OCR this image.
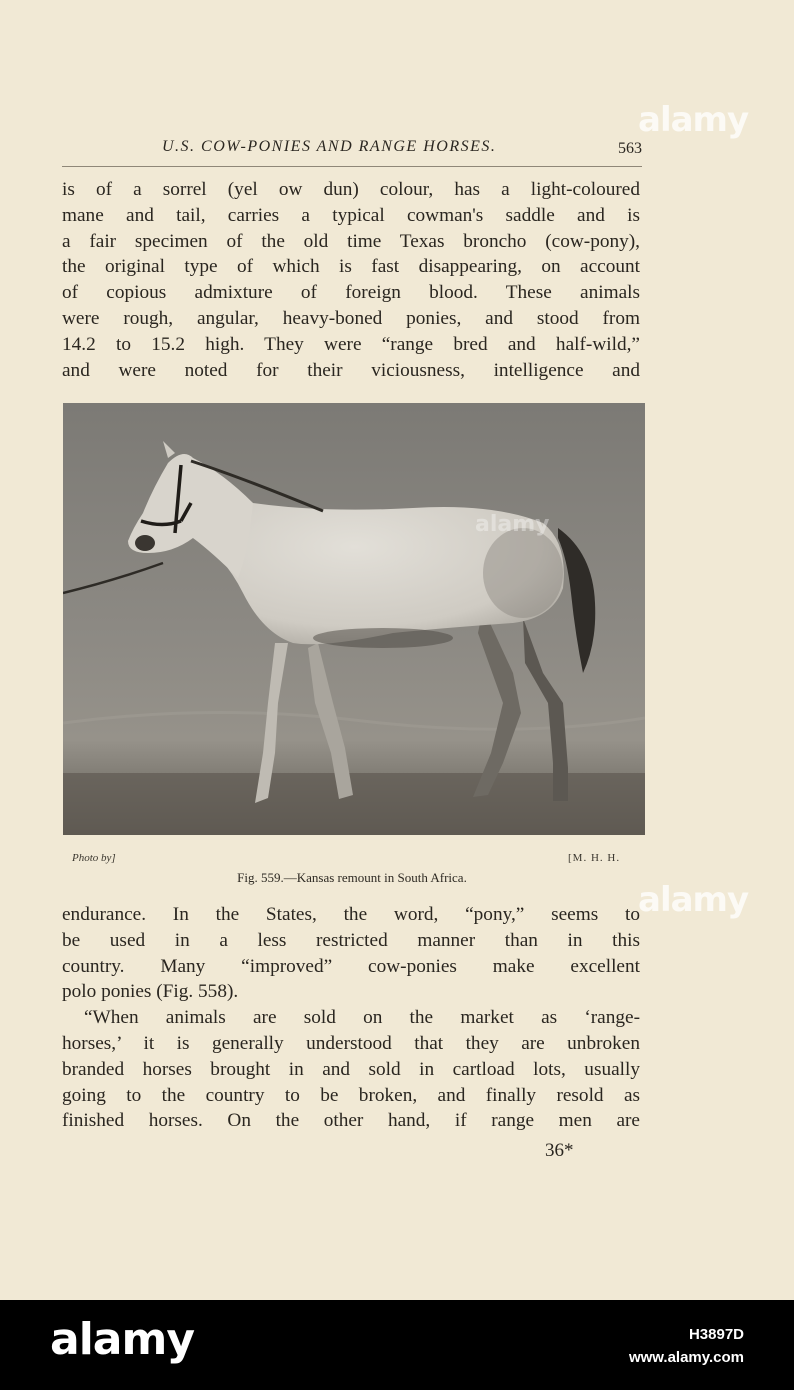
U.S. COW-PONIES AND RANGE HORSES.	563

is of a sorrel (yel ow dun) colour, has a light-coloured
mane and tail, carries a typical cowman's saddle and is
a fair specimen of the old time Texas broncho (cow-pony),
the original type of which is fast disappearing, on account
of copious admixture of foreign blood. These animals
were rough, angular, heavy-boned ponies, and stood from
14.2 to 15.2 high. They were “range bred and half-wild,”
and were noted for their viciousness, intelligence and

alamy
Photo by]	[M. H. H.
Fig. 559.—Kansas remount in South Africa.

endurance. In the States, the word, “pony,” seems to
be used in a less restricted manner than in this
country. Many “improved” cow-ponies make excellent
polo ponies (Fig. 558).
“When animals are sold on the market as ‘range-
horses,’ it is generally understood that they are unbroken
branded horses brought in and sold in cartload lots, usually
going to the country to be broken, and finally resold as
finished horses. On the other hand, if range men are

36*
alamy
alamy
alamy	H3897D
www.alamy.com
